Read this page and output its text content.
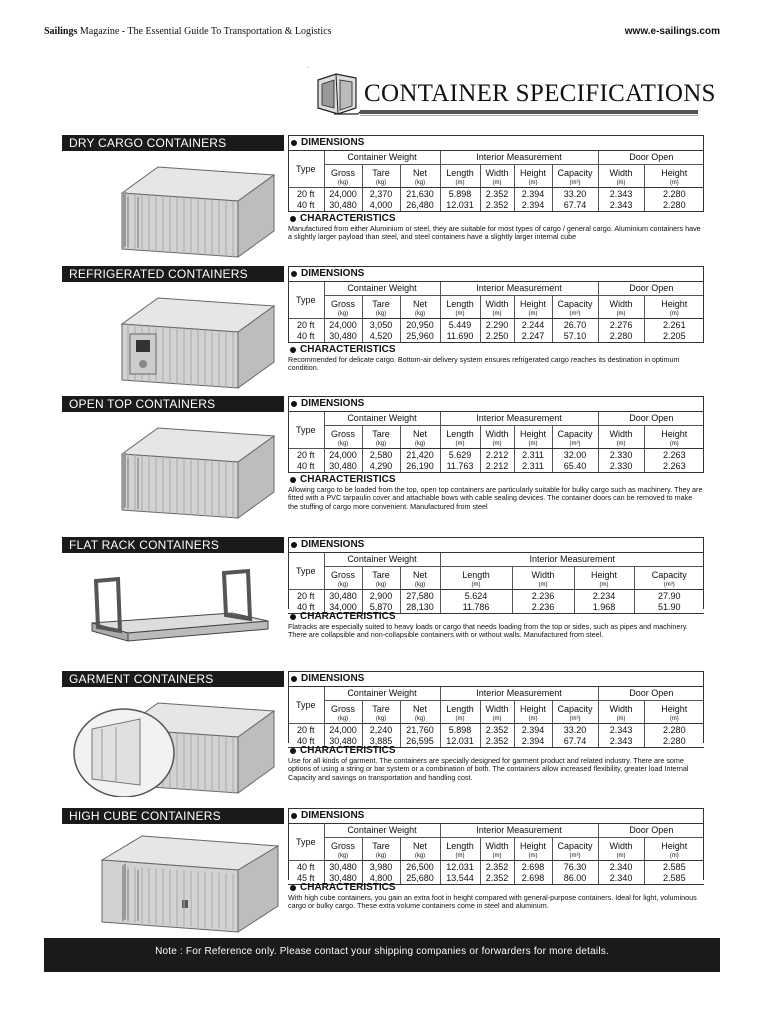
Sailings Magazine - The Essential Guide To Transportation & Logistics	www.e-sailings.com
.
CONTAINER SPECIFICATIONS
DRY CARGO CONTAINERS	DIMENSIONS
Type	Container Weight			Interior Measurement				Door Open	
	Gross	Tare	Net	Length	Width	Height	Capacity	Width	Height
	(kg)	(kg)	(kg)	(m)	(m)	(m)	(m³)	(m)	(m)
20 ft	24,000	2,370	21,630	5.898	2.352	2.394	33.20	2.343	2.280
40 ft	30,480	4,000	26,480	12.031	2.352	2.394	67.74	2.343	2.280
CHARACTERISTICS
Manufactured from either Aluminium or steel, they are suitable for most types of cargo / general cargo. Aluminium containers have a slightly larger payload than steel, and steel containers have a slightly larger internal cube
REFRIGERATED CONTAINERS	DIMENSIONS
Type	Container Weight			Interior Measurement				Door Open	
	Gross	Tare	Net	Length	Width	Height	Capacity	Width	Height
	(kg)	(kg)	(kg)	(m)	(m)	(m)	(m³)	(m)	(m)
20 ft	24,000	3,050	20,950	5.449	2.290	2.244	26.70	2.276	2.261
40 ft	30,480	4,520	25,960	11.690	2.250	2.247	57.10	2.280	2.205
CHARACTERISTICS
Recommended for delicate cargo. Bottom-air delivery system ensures refrigerated cargo reaches its destination in optimum condition.
OPEN TOP CONTAINERS	DIMENSIONS
Type	Container Weight			Interior Measurement				Door Open	
	Gross	Tare	Net	Length	Width	Height	Capacity	Width	Height
	(kg)	(kg)	(kg)	(m)	(m)	(m)	(m³)	(m)	(m)
20 ft	24,000	2,580	21,420	5.629	2.212	2.311	32.00	2.330	2.263
40 ft	30,480	4,290	26,190	11.763	2.212	2.311	65.40	2.330	2.263
CHARACTERISTICS
Allowing cargo to be loaded from the top, open top containers are particularly suitable for bulky cargo such as machinery. They are fitted with a PVC tarpaulin cover and attachable bows with cable sealing devices. The container doors can be removed to make the stuffing of cargo more convenient. Manufactured from steel
FLAT RACK CONTAINERS	DIMENSIONS
Type	Container Weight			Interior Measurement			
	Gross	Tare	Net	Length	Width	Height	Capacity
	(kg)	(kg)	(kg)	(m)	(m)	(m)	(m³)
20 ft	30,480	2,900	27,580	5.624	2.236	2.234	27.90
40 ft	34,000	5,870	28,130	11.786	2.236	1.968	51.90
CHARACTERISTICS
Flatracks are especially suited to heavy loads or cargo that needs loading from the top or sides, such as pipes and machinery. There are collapsible and non-collapsible containers with or without walls. Manufactured from steel.
GARMENT CONTAINERS	DIMENSIONS
Type	Container Weight			Interior Measurement				Door Open	
	Gross	Tare	Net	Length	Width	Height	Capacity	Width	Height
	(kg)	(kg)	(kg)	(m)	(m)	(m)	(m³)	(m)	(m)
20 ft	24,000	2,240	21,760	5.898	2.352	2.394	33.20	2.343	2.280
40 ft	30,480	3,885	26,595	12.031	2.352	2.394	67.74	2.343	2.280
CHARACTERISTICS
Use for all kinds of garment. The containers are specially designed for garment product and related industry. There are some options of using a string or bar system or a combination of both. The containers allow increased flexibility, greater load Internal Capacity and savings on transportation and handling cost.
HIGH CUBE CONTAINERS	DIMENSIONS
Type	Container Weight			Interior Measurement				Door Open	
	Gross	Tare	Net	Length	Width	Height	Capacity	Width	Height
	(kg)	(kg)	(kg)	(m)	(m)	(m)	(m³)	(m)	(m)
40 ft	30,480	3,980	26,500	12.031	2.352	2.698	76.30	2.340	2.585
45 ft	30,480	4,800	25,680	13.544	2.352	2.698	86.00	2.340	2.585
CHARACTERISTICS
With high cube containers, you gain an extra foot in height compared with general-purpose containers. Ideal for light, voluminous cargo or bulky cargo. These extra volume containers come in steel and aluminum.
Note : For Reference only. Please contact your shipping companies or forwarders for more details.
